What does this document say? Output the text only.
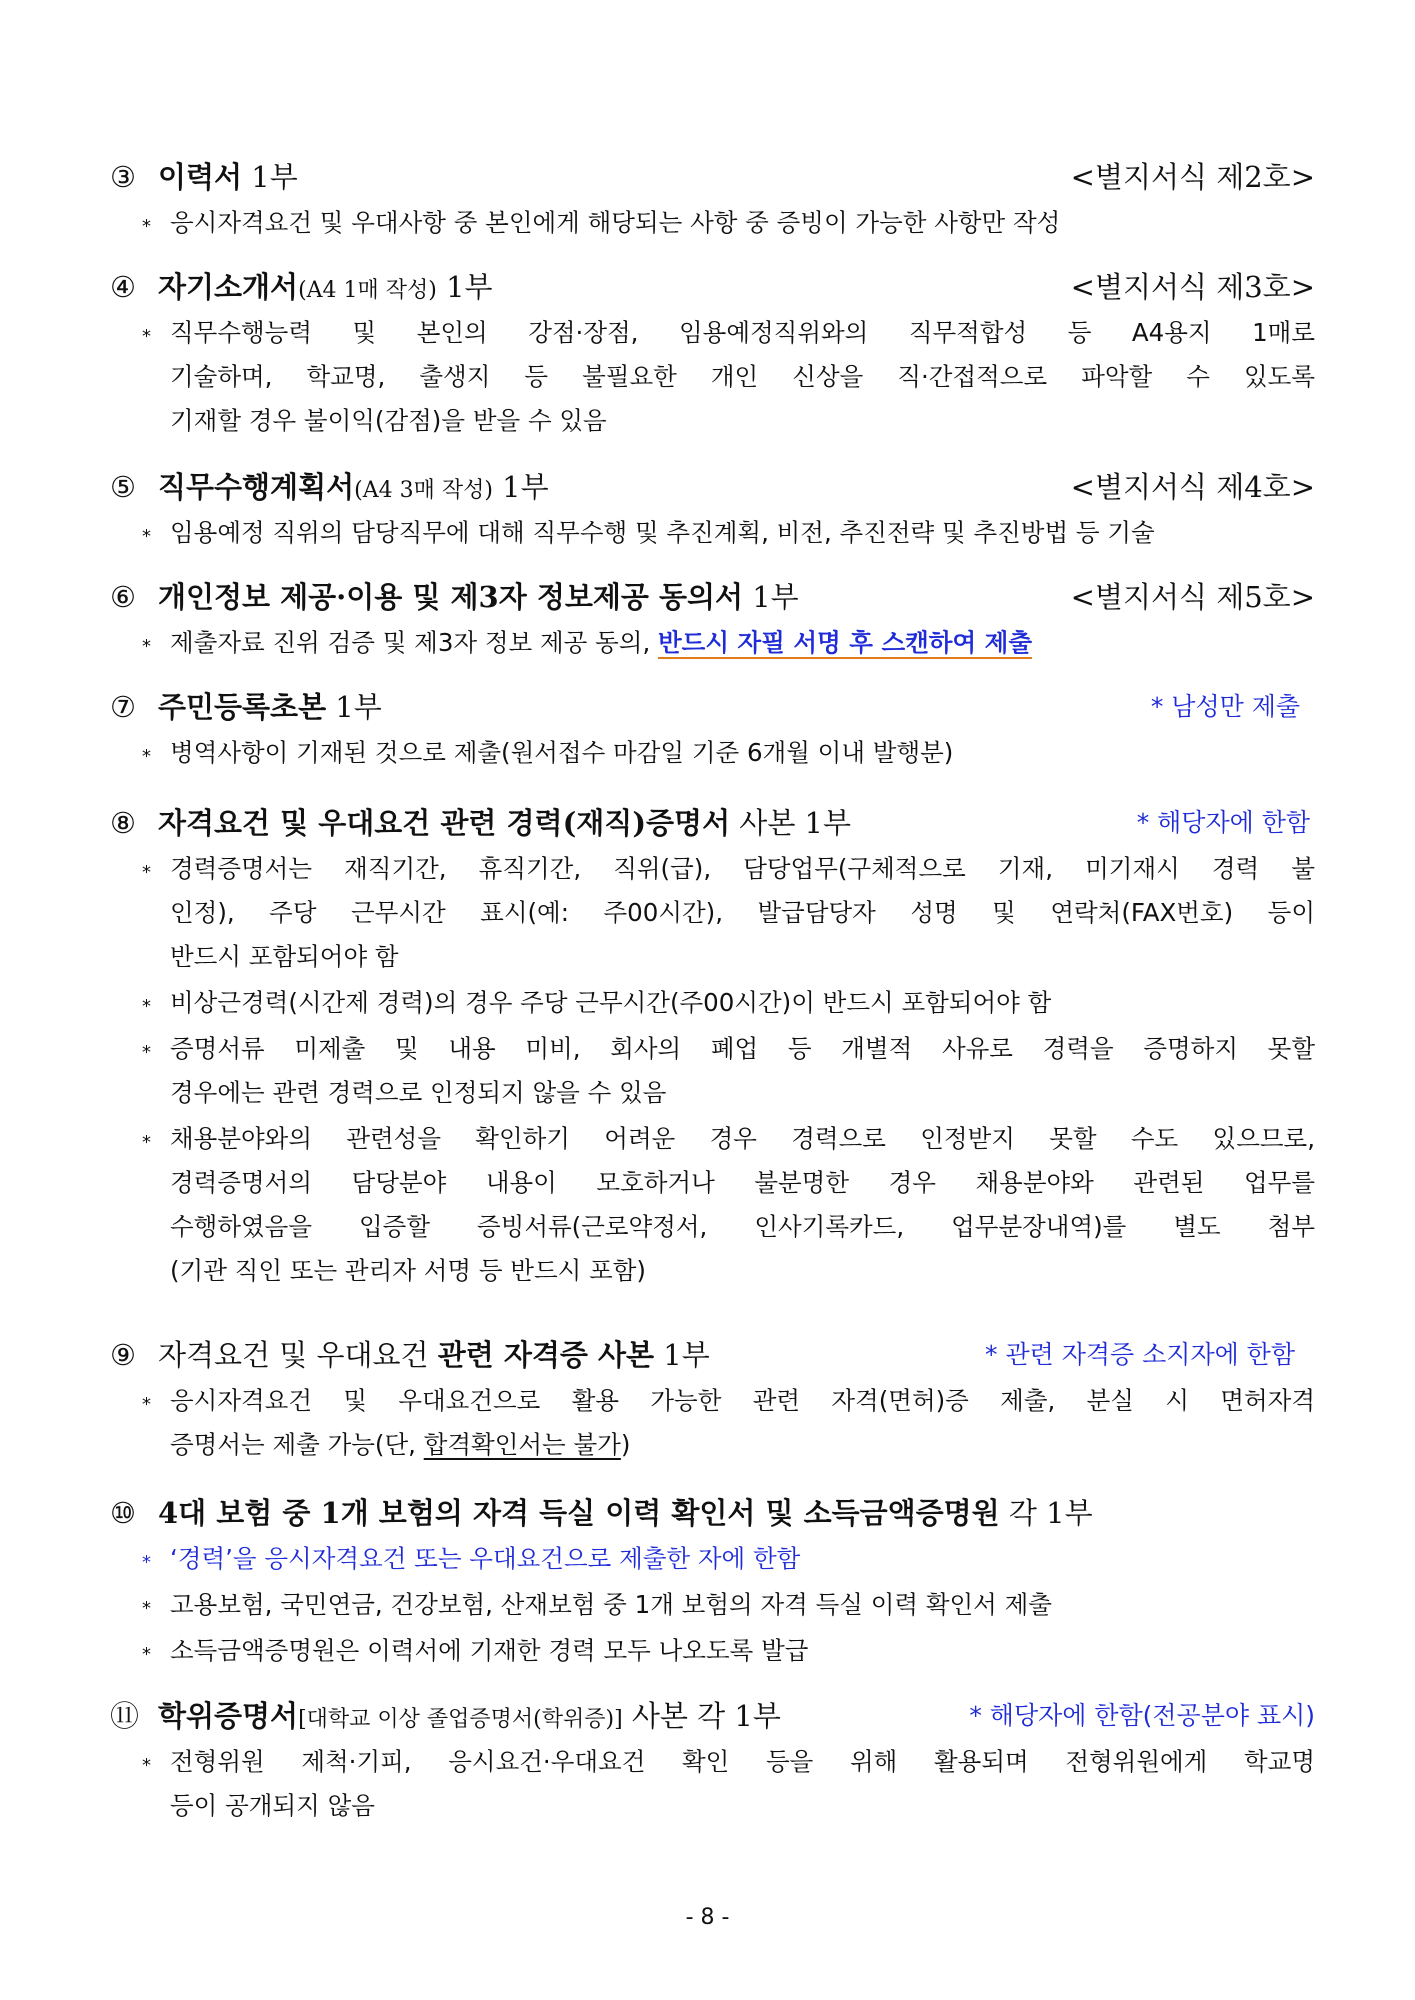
③ 이력서 1부	<별지서식 제2호>
* 응시자격요건 및 우대사항 중 본인에게 해당되는 사항 중 증빙이 가능한 사항만 작성
④ 자기소개서(A4 1매 작성) 1부	<별지서식 제3호>
* 직무수행능력 및 본인의 강점·장점, 임용예정직위와의 직무적합성 등 A4용지 1매로
기술하며, 학교명, 출생지 등 불필요한 개인 신상을 직·간접적으로 파악할 수 있도록
기재할 경우 불이익(감점)을 받을 수 있음
⑤ 직무수행계획서(A4 3매 작성) 1부	<별지서식 제4호>
* 임용예정 직위의 담당직무에 대해 직무수행 및 추진계획, 비전, 추진전략 및 추진방법 등 기술
⑥ 개인정보 제공·이용 및 제3자 정보제공 동의서 1부	<별지서식 제5호>
* 제출자료 진위 검증 및 제3자 정보 제공 동의, 반드시 자필 서명 후 스캔하여 제출
⑦ 주민등록초본 1부	* 남성만 제출
* 병역사항이 기재된 것으로 제출(원서접수 마감일 기준 6개월 이내 발행분)
⑧ 자격요건 및 우대요건 관련 경력(재직)증명서 사본 1부	* 해당자에 한함
* 경력증명서는 재직기간, 휴직기간, 직위(급), 담당업무(구체적으로 기재, 미기재시 경력 불
인정), 주당 근무시간 표시(예: 주00시간), 발급담당자 성명 및 연락처(FAX번호) 등이
반드시 포함되어야 함
* 비상근경력(시간제 경력)의 경우 주당 근무시간(주00시간)이 반드시 포함되어야 함
* 증명서류 미제출 및 내용 미비, 회사의 폐업 등 개별적 사유로 경력을 증명하지 못할
경우에는 관련 경력으로 인정되지 않을 수 있음
* 채용분야와의 관련성을 확인하기 어려운 경우 경력으로 인정받지 못할 수도 있으므로,
경력증명서의 담당분야 내용이 모호하거나 불분명한 경우 채용분야와 관련된 업무를
수행하였음을 입증할 증빙서류(근로약정서, 인사기록카드, 업무분장내역)를 별도 첨부
(기관 직인 또는 관리자 서명 등 반드시 포함)
⑨ 자격요건 및 우대요건 관련 자격증 사본 1부	* 관련 자격증 소지자에 한함
* 응시자격요건 및 우대요건으로 활용 가능한 관련 자격(면허)증 제출, 분실 시 면허자격
증명서는 제출 가능(단, 합격확인서는 불가)
⑩ 4대 보험 중 1개 보험의 자격 득실 이력 확인서 및 소득금액증명원 각 1부
* ‘경력’을 응시자격요건 또는 우대요건으로 제출한 자에 한함
* 고용보험, 국민연금, 건강보험, 산재보험 중 1개 보험의 자격 득실 이력 확인서 제출
* 소득금액증명원은 이력서에 기재한 경력 모두 나오도록 발급
⑪ 학위증명서[대학교 이상 졸업증명서(학위증)] 사본 각 1부	* 해당자에 한함(전공분야 표시)
* 전형위원 제척·기피, 응시요건·우대요건 확인 등을 위해 활용되며 전형위원에게 학교명
등이 공개되지 않음
- 8 -
